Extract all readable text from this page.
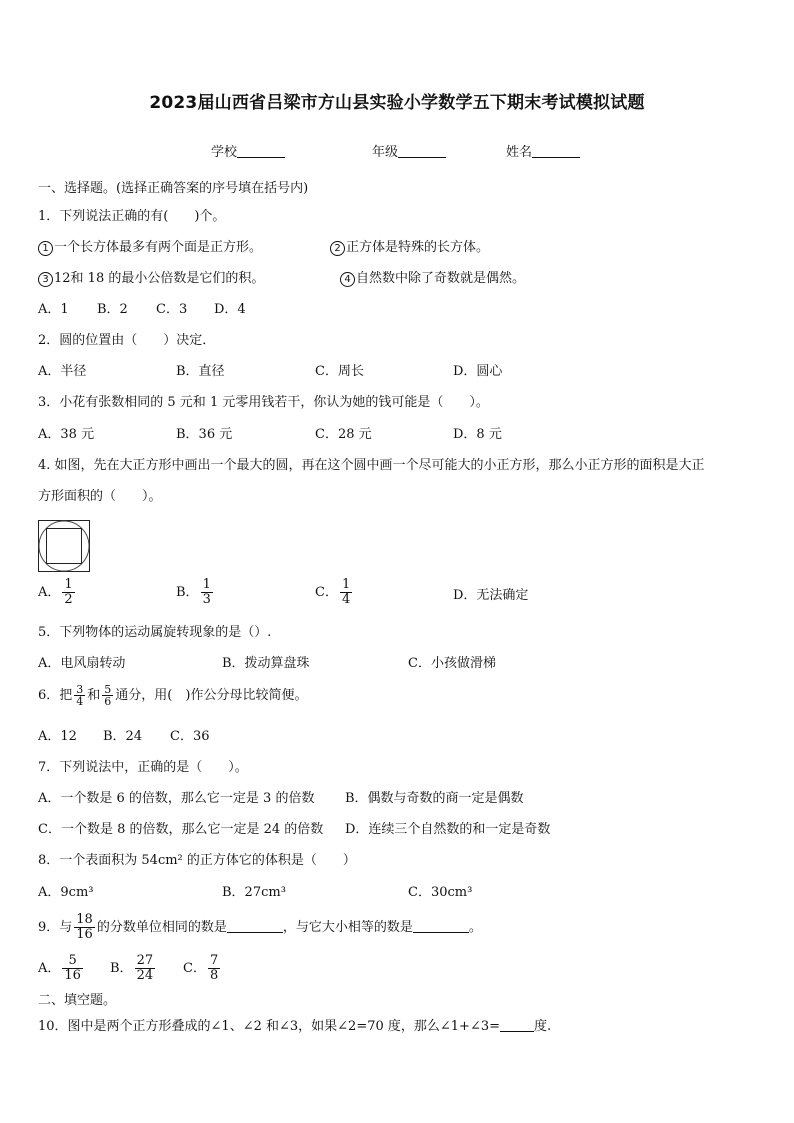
2023届山西省吕梁市方山县实验小学数学五下期末考试模拟试题
学校	年级	姓名
一、选择题。(选择正确答案的序号填在括号内)
1．下列说法正确的有(　　)个。
1 一个长方体最多有两个面是正方形。	2 正方体是特殊的长方体。
3 12和 18 的最小公倍数是它们的积。	4 自然数中除了奇数就是偶然。
A．1 B．2 C．3 D．4
2．圆的位置由（　　）决定．
A．半径	B．直径	C．周长	D．圆心
3．小花有张数相同的 5 元和 1 元零用钱若干，你认为她的钱可能是（　　）。
A．38 元	B．36 元	C．28 元	D．8 元
4. 如图，先在大正方形中画出一个最大的圆，再在这个圆中画一个尽可能大的小正方形，那么小正方形的面积是大正
方形面积的（　　）。
A． $\frac{1}{2}$	B． $\frac{1}{3}$	C． $\frac{1}{4}$	D．无法确定
5．下列物体的运动属旋转现象的是（）.
A．电风扇转动	B．拨动算盘珠	C．小孩做滑梯
6．把 $\frac{3}{4}$ 和 $\frac{5}{6}$ 通分，用(　)作公分母比较简便。
A．12 B．24 C．36
7．下列说法中，正确的是（　　）。
A．一个数是 6 的倍数，那么它一定是 3 的倍数 B．偶数与奇数的商一定是偶数
C．一个数是 8 的倍数，那么它一定是 24 的倍数 D．连续三个自然数的和一定是奇数
8．一个表面积为 54cm² 的正方体它的体积是（　　）
A．9cm³	B．27cm³	C．30cm³
9．与 $\frac{18}{16}$ 的分数单位相同的数是	，与它大小相等的数是	。
A． $\frac{5}{16}$ B． $\frac{27}{24}$ C． $\frac{7}{8}$
二、填空题。
10．图中是两个正方形叠成的∠1、∠2 和∠3，如果∠2=70 度，那么∠1+∠3=	度.
